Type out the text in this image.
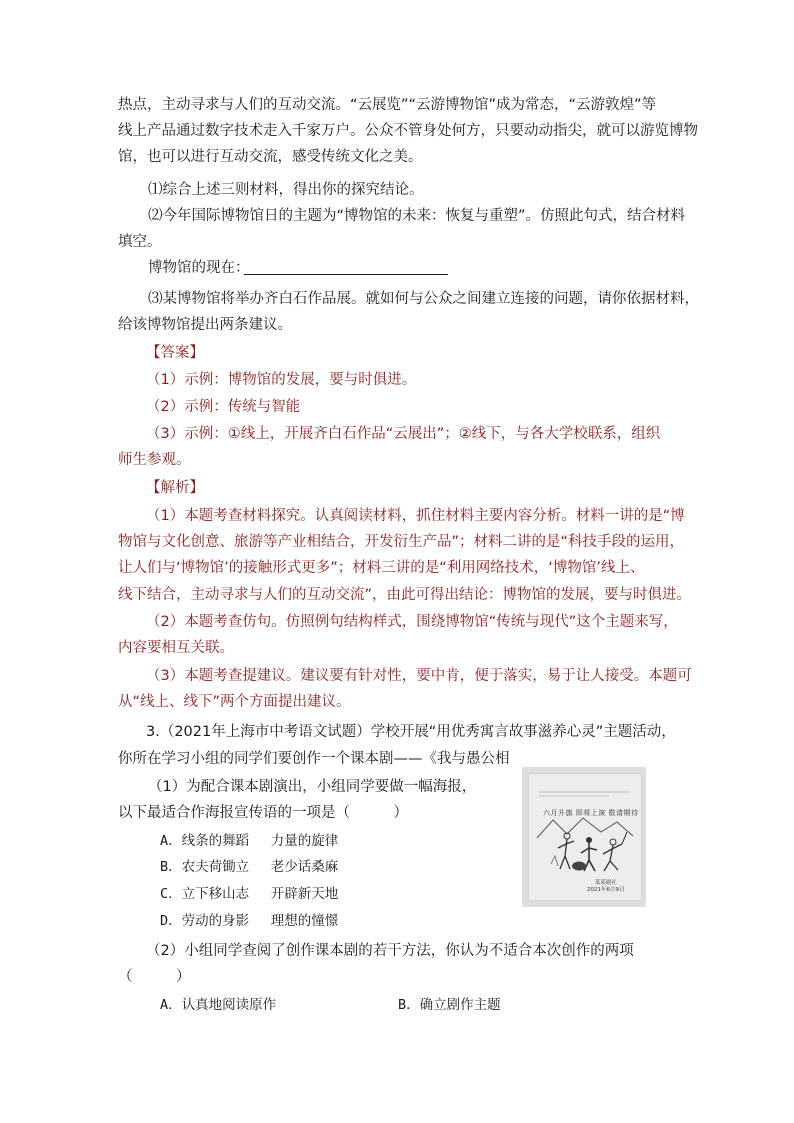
热点，主动寻求与人们的互动交流。“云展览”“云游博物馆”成为常态，“云游敦煌”等
线上产品通过数字技术走入千家万户。公众不管身处何方，只要动动指尖，就可以游览博物
馆，也可以进行互动交流，感受传统文化之美。
⑴综合上述三则材料，得出你的探究结论。
⑵今年国际博物馆日的主题为“博物馆的未来：恢复与重塑”。仿照此句式，结合材料
填空。
博物馆的现在：
⑶某博物馆将举办齐白石作品展。就如何与公众之间建立连接的问题，请你依据材料，
给该博物馆提出两条建议。
【答案】
（1）示例：博物馆的发展，要与时俱进。
（2）示例：传统与智能
（3）示例：①线上，开展齐白石作品“云展出”；②线下，与各大学校联系，组织
师生参观。
【解析】
（1）本题考查材料探究。认真阅读材料，抓住材料主要内容分析。材料一讲的是“博
物馆与文化创意、旅游等产业相结合，开发衍生产品”；材料二讲的是“科技手段的运用，
让人们与‘博物馆’的接触形式更多”；材料三讲的是“利用网络技术，‘博物馆’线上、
线下结合，主动寻求与人们的互动交流”，由此可得出结论：博物馆的发展，要与时俱进。
（2）本题考查仿句。仿照例句结构样式，围绕博物馆“传统与现代”这个主题来写，
内容要相互关联。
（3）本题考查提建议。建议要有针对性，要中肯，便于落实，易于让人接受。本题可
从“线上、线下”两个方面提出建议。
3.（2021年上海市中考语文试题）学校开展“用优秀寓言故事滋养心灵”主题活动，
你所在学习小组的同学们要创作一个课本剧——《我与愚公相
（1）为配合课本剧演出，小组同学要做一幅海报，
以下最适合作海报宣传语的一项是（　　　）
A．线条的舞蹈　 力量的旋律
B．农夫荷锄立　 老少话桑麻
C．立下移山志　 开辟新天地
D．劳动的身影　 理想的憧憬
（2）小组同学查阅了创作课本剧的若干方法，你认为不适合本次创作的两项
（　　　）
A．认真地阅读原作	B．确立剧作主题
六月升旗 即将上演 敬请期待
某某剧社
2021年6月9日
